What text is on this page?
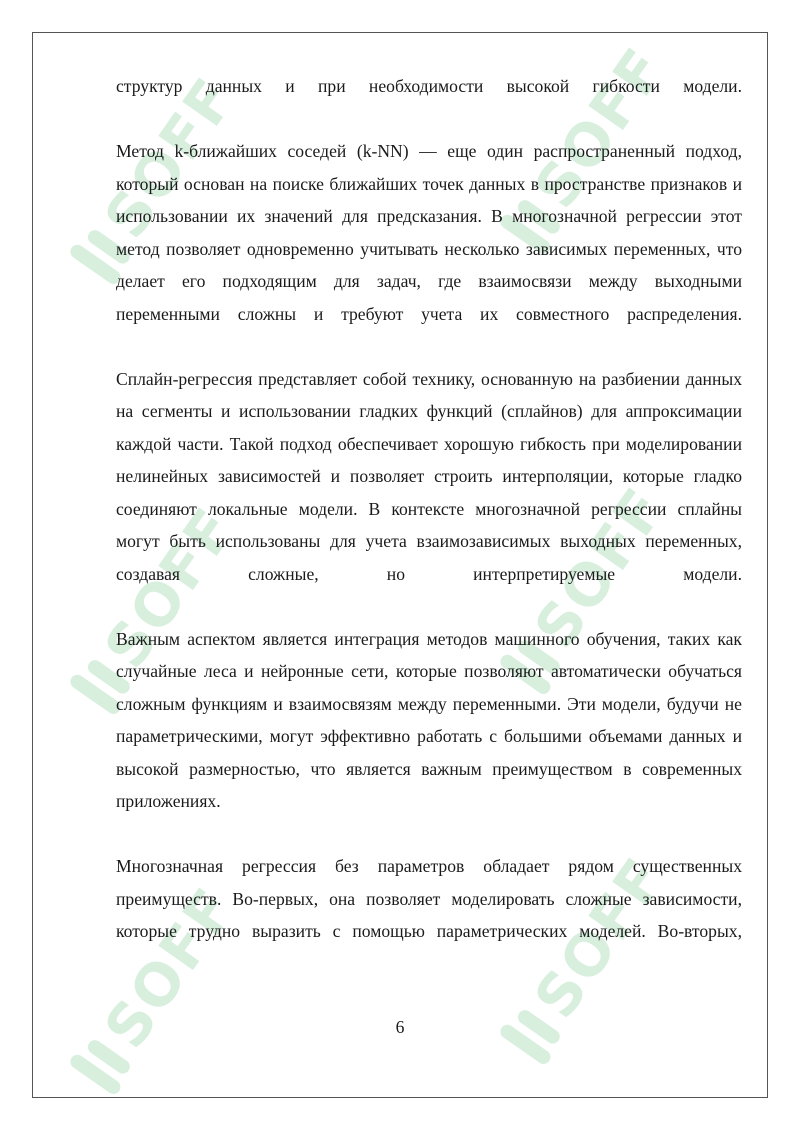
SOFF	SOFF
SOFF	SOFF
SOFF	SOFF

структур данных и при необходимости высокой гибкости модели.

Метод k-ближайших соседей (k-NN) — еще один распространенный подход, который основан на поиске ближайших точек данных в пространстве признаков и использовании их значений для предсказания. В многозначной регрессии этот метод позволяет одновременно учитывать несколько зависимых переменных, что делает его подходящим для задач, где взаимосвязи между выходными переменными сложны и требуют учета их совместного распределения.

Сплайн-регрессия представляет собой технику, основанную на разбиении данных на сегменты и использовании гладких функций (сплайнов) для аппроксимации каждой части. Такой подход обеспечивает хорошую гибкость при моделировании нелинейных зависимостей и позволяет строить интерполяции, которые гладко соединяют локальные модели. В контексте многозначной регрессии сплайны могут быть использованы для учета взаимозависимых выходных переменных, создавая сложные, но интерпретируемые модели.

Важным аспектом является интеграция методов машинного обучения, таких как случайные леса и нейронные сети, которые позволяют автоматически обучаться сложным функциям и взаимосвязям между переменными. Эти модели, будучи не параметрическими, могут эффективно работать с большими объемами данных и высокой размерностью, что является важным преимуществом в современных приложениях.

Многозначная регрессия без параметров обладает рядом существенных преимуществ. Во-первых, она позволяет моделировать сложные зависимости, которые трудно выразить с помощью параметрических моделей. Во-вторых,

6
